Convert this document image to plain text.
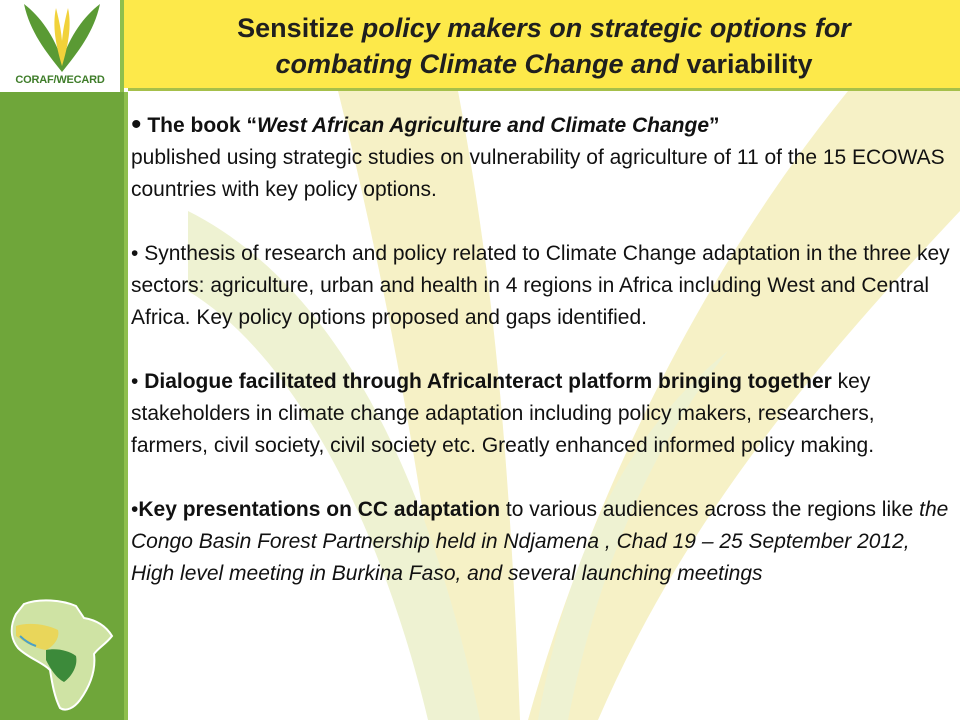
CORAF/WECARD
Sensitize policy makers on strategic options for
combating Climate Change and variability

• The book “West African Agriculture and Climate Change”
published using strategic studies on vulnerability of agriculture of 11 of the 15 ECOWAS countries with key policy options.

• Synthesis of research and policy related to Climate Change adaptation in the three key sectors: agriculture, urban and health in 4 regions in Africa including West and Central Africa. Key policy options proposed and gaps identified.

• Dialogue facilitated through AfricaInteract platform bringing together key stakeholders in climate change adaptation including policy makers, researchers, farmers, civil society, civil society etc. Greatly enhanced informed policy making.

•Key presentations on CC adaptation to various audiences across the regions like the Congo Basin Forest Partnership held in Ndjamena , Chad 19 – 25 September 2012, High level meeting in Burkina Faso, and several launching meetings
